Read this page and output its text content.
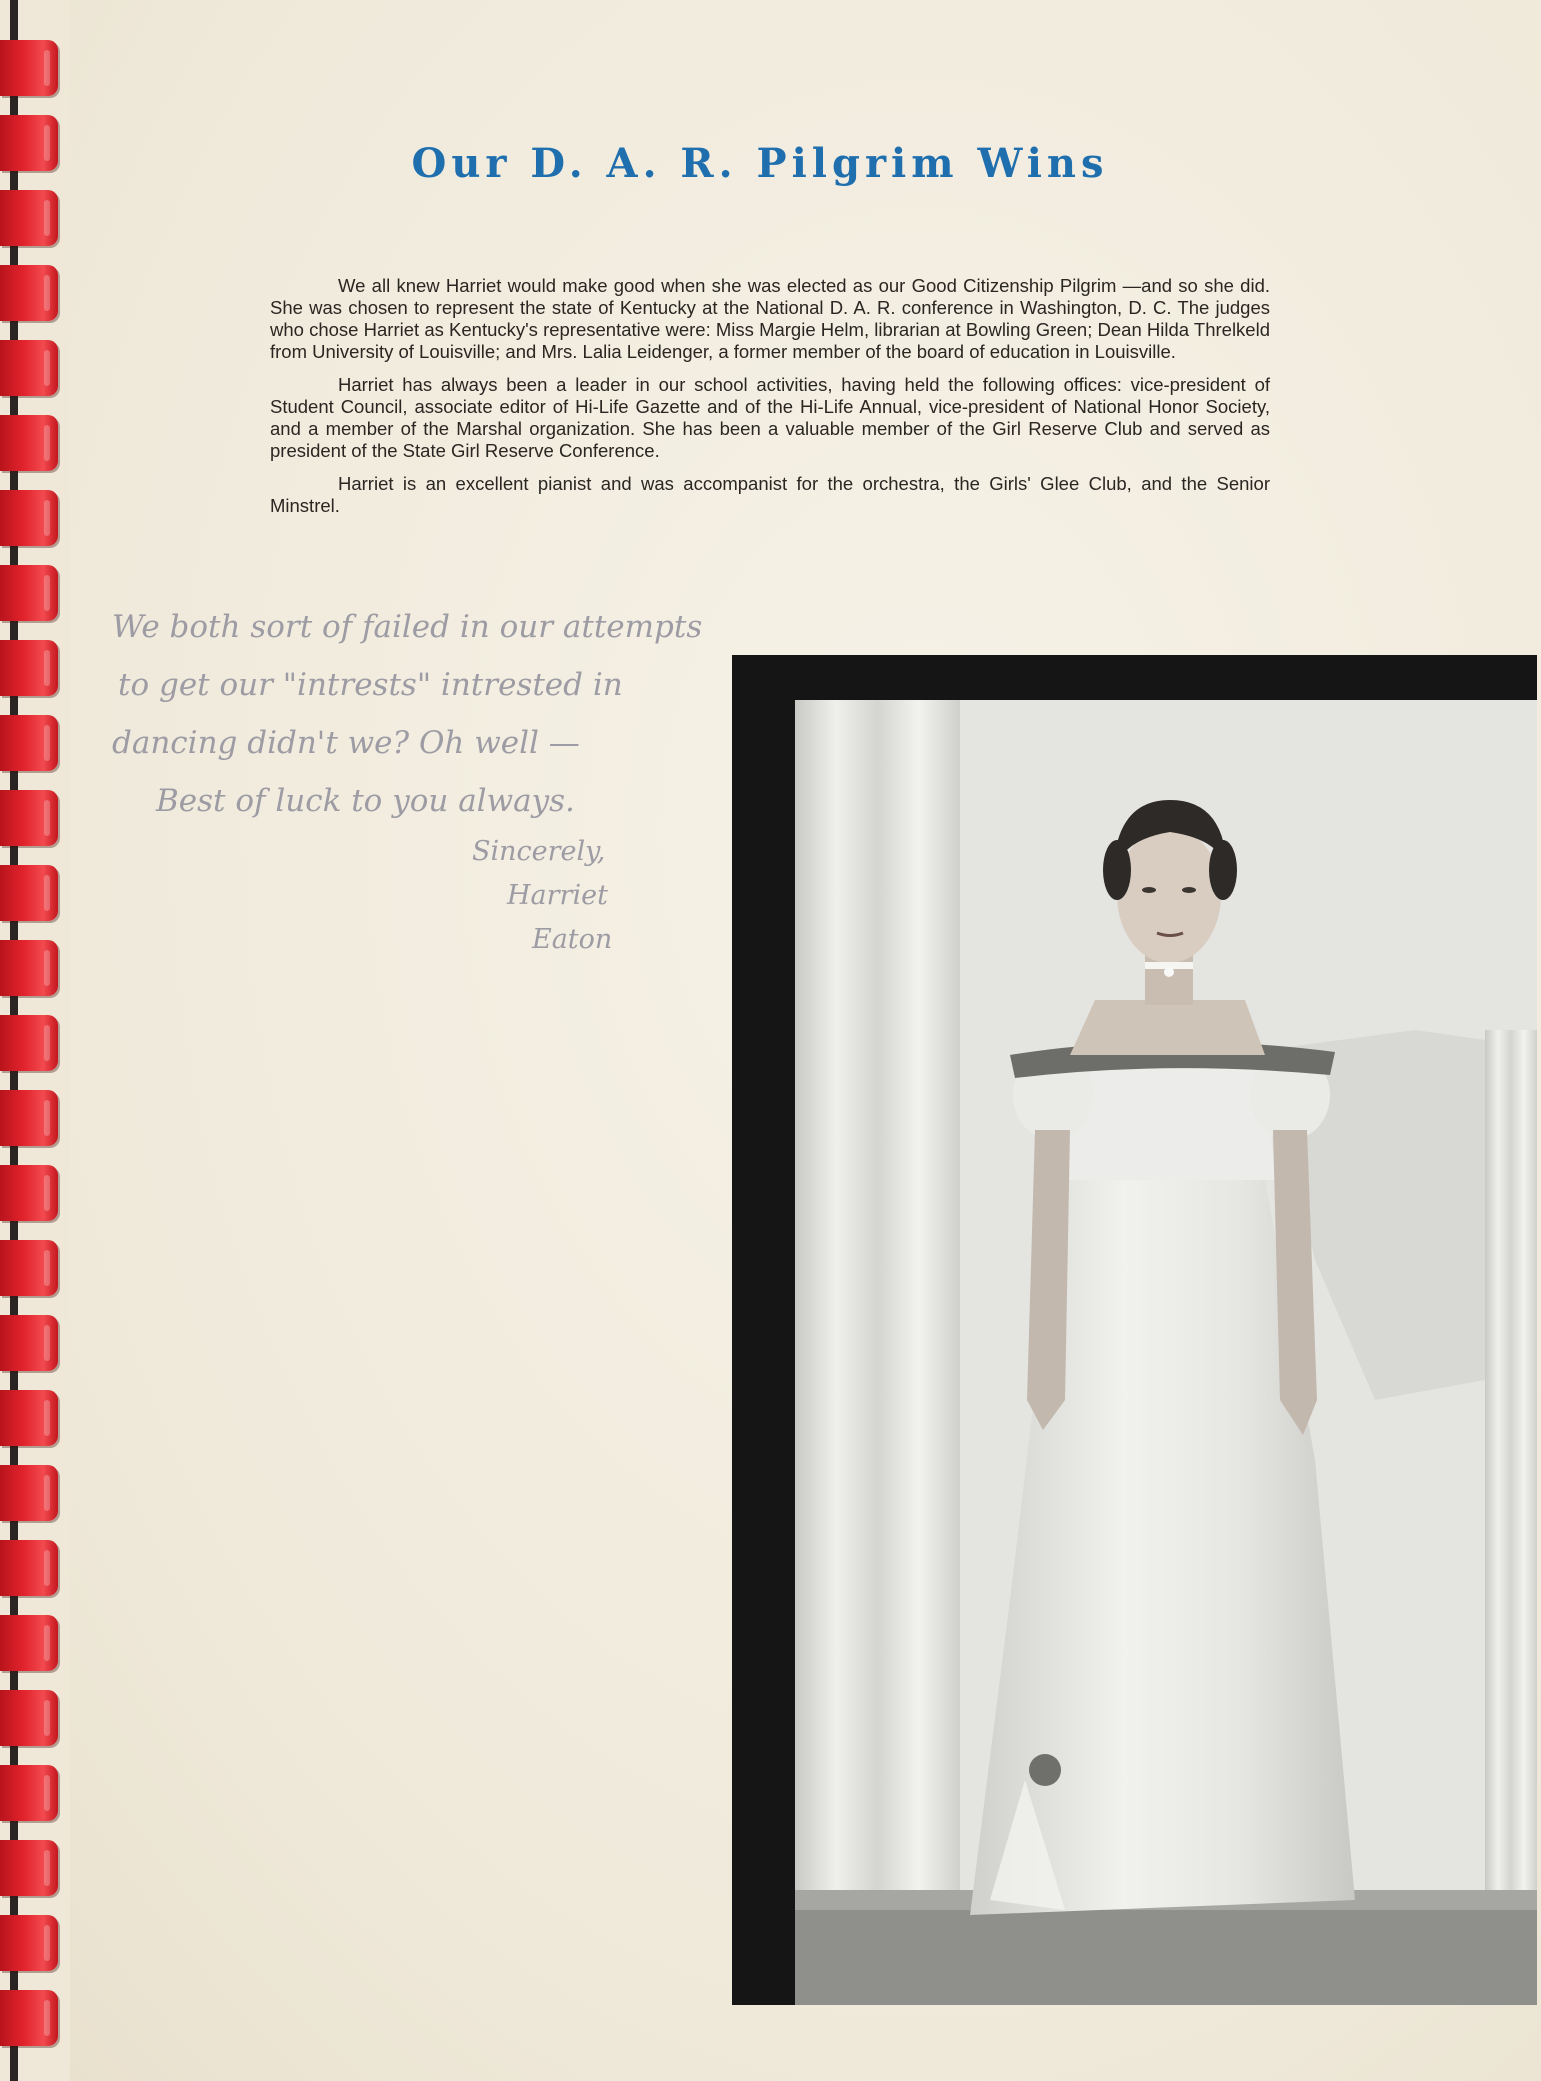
Our D. A. R. Pilgrim Wins

We all knew Harriet would make good when she was elected as our Good Citizenship Pilgrim —and so she did. She was chosen to represent the state of Kentucky at the National D. A. R. conference in Washington, D. C. The judges who chose Harriet as Kentucky's representative were: Miss Margie Helm, librarian at Bowling Green; Dean Hilda Threlkeld from University of Louisville; and Mrs. Lalia Leidenger, a former member of the board of education in Louisville.

Harriet has always been a leader in our school activities, having held the following offices: vice-president of Student Council, associate editor of Hi-Life Gazette and of the Hi-Life Annual, vice-president of National Honor Society, and a member of the Marshal organization. She has been a valuable member of the Girl Reserve Club and served as president of the State Girl Reserve Conference.

Harriet is an excellent pianist and was accompanist for the orchestra, the Girls' Glee Club, and the Senior Minstrel.

We both sort of failed in our attempts
to get our "intrests" intrested in
dancing didn't we? Oh well —
Best of luck to you always.
Sincerely,
Harriet
Eaton
